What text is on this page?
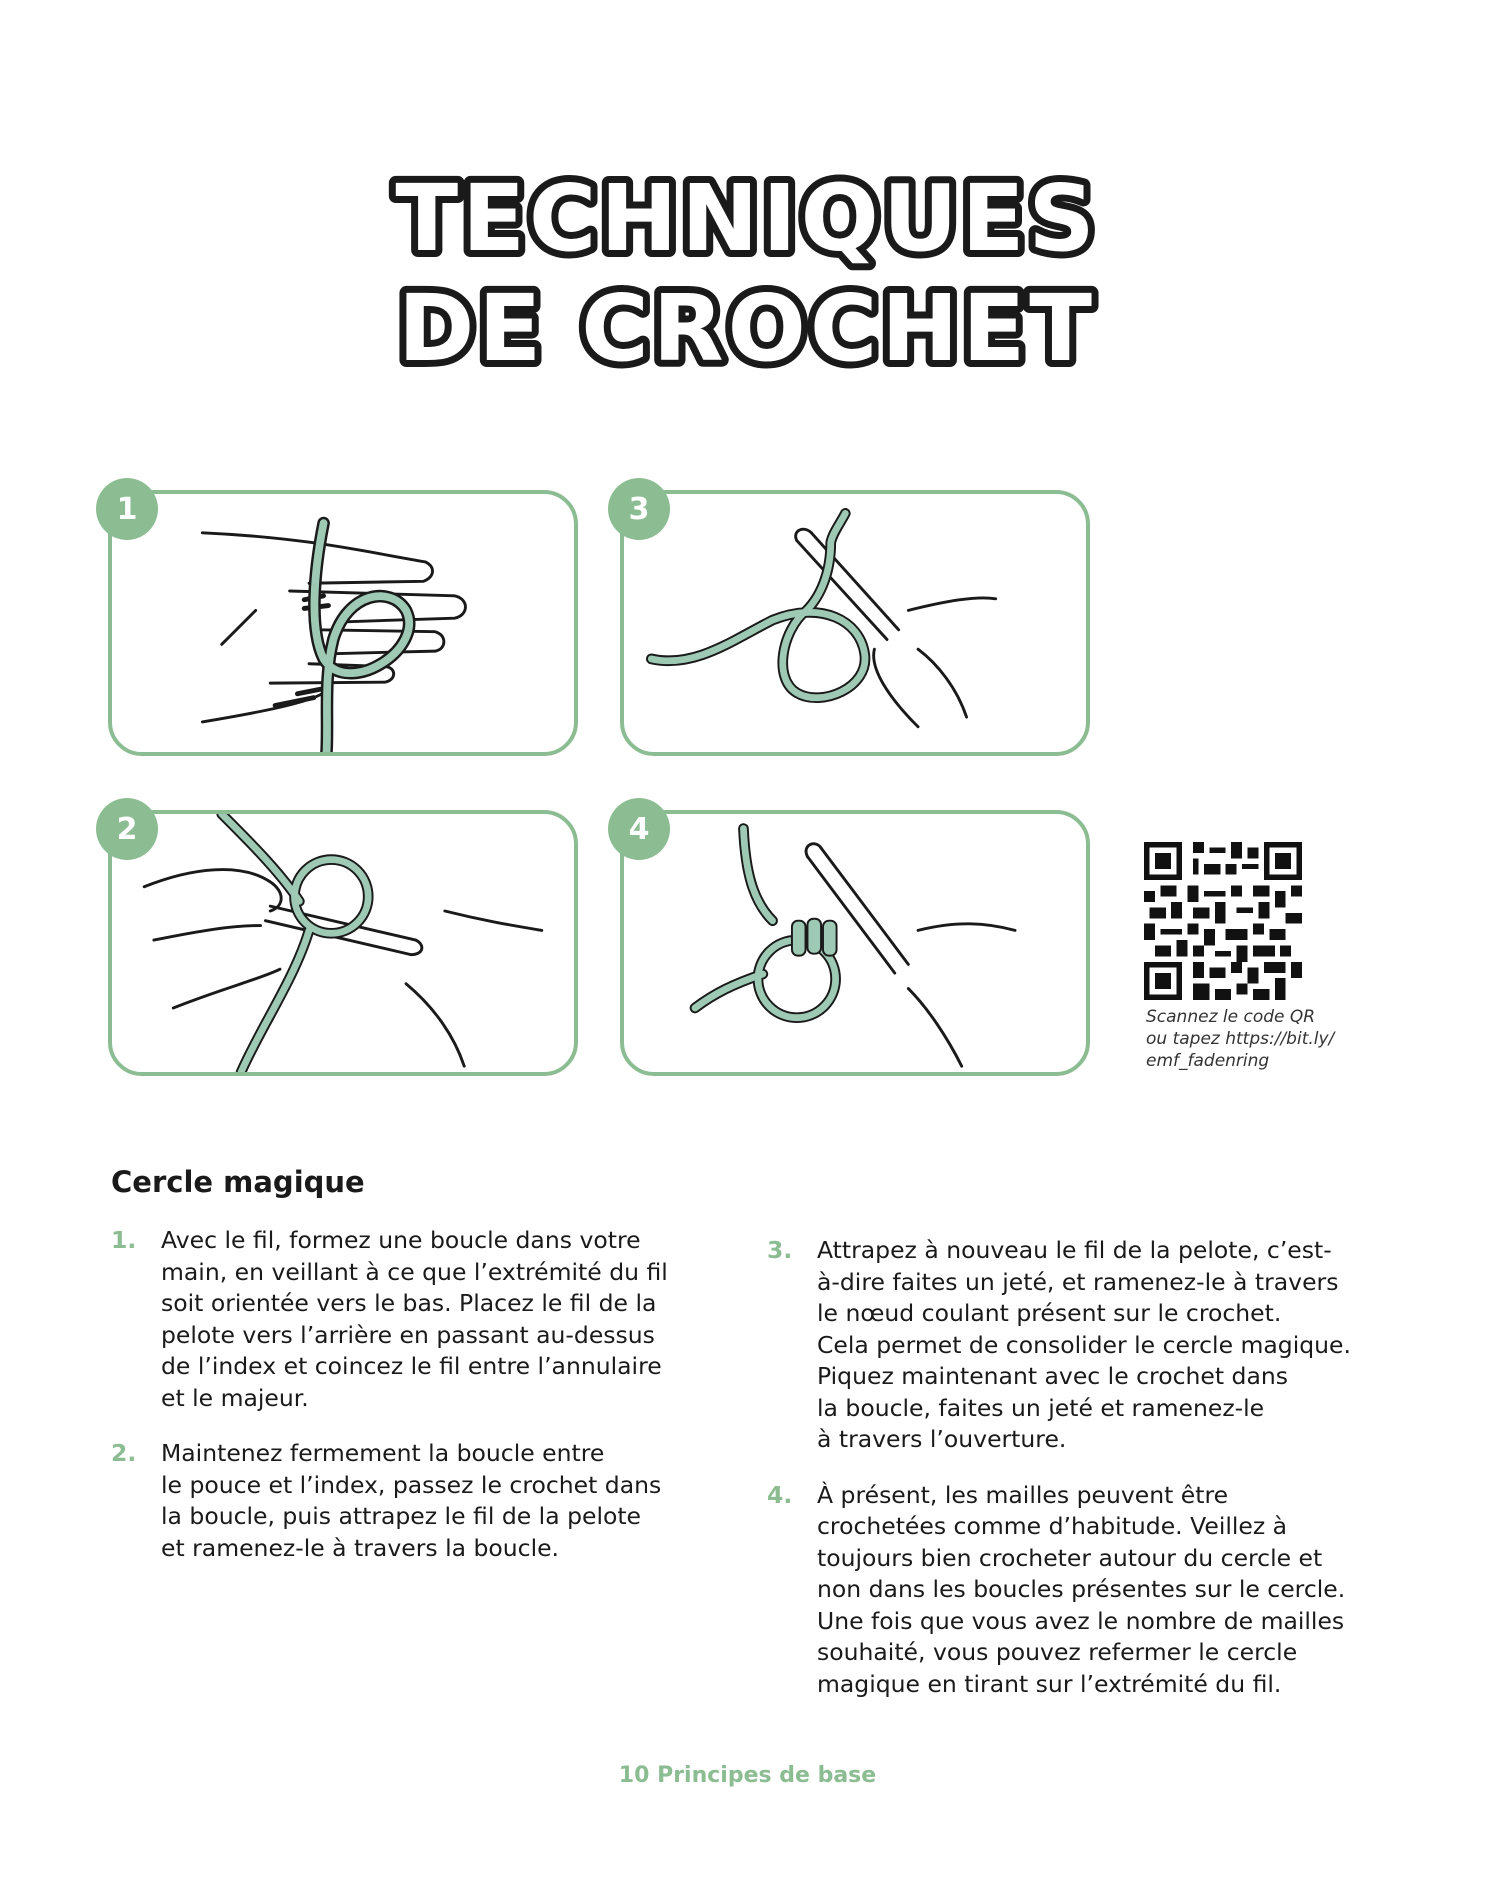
TECHNIQUES
DE CROCHET
1	3
2	4
Scannez le code QR
ou tapez https://bit.ly/
emf_fadenring
Cercle magique
1.	Avec le fil, formez une boucle dans votre
main, en veillant à ce que l’extrémité du fil
soit orientée vers le bas. Placez le fil de la
pelote vers l’arrière en passant au-dessus
de l’index et coincez le fil entre l’annulaire
et le majeur.
2.	Maintenez fermement la boucle entre
le pouce et l’index, passez le crochet dans
la boucle, puis attrapez le fil de la pelote
et ramenez-le à travers la boucle.
3.	Attrapez à nouveau le fil de la pelote, c’est-
à-dire faites un jeté, et ramenez-le à travers
le nœud coulant présent sur le crochet.
Cela permet de consolider le cercle magique.
Piquez maintenant avec le crochet dans
la boucle, faites un jeté et ramenez-le
à travers l’ouverture.
4.	À présent, les mailles peuvent être
crochetées comme d’habitude. Veillez à
toujours bien crocheter autour du cercle et
non dans les boucles présentes sur le cercle.
Une fois que vous avez le nombre de mailles
souhaité, vous pouvez refermer le cercle
magique en tirant sur l’extrémité du fil.
10 Principes de base
